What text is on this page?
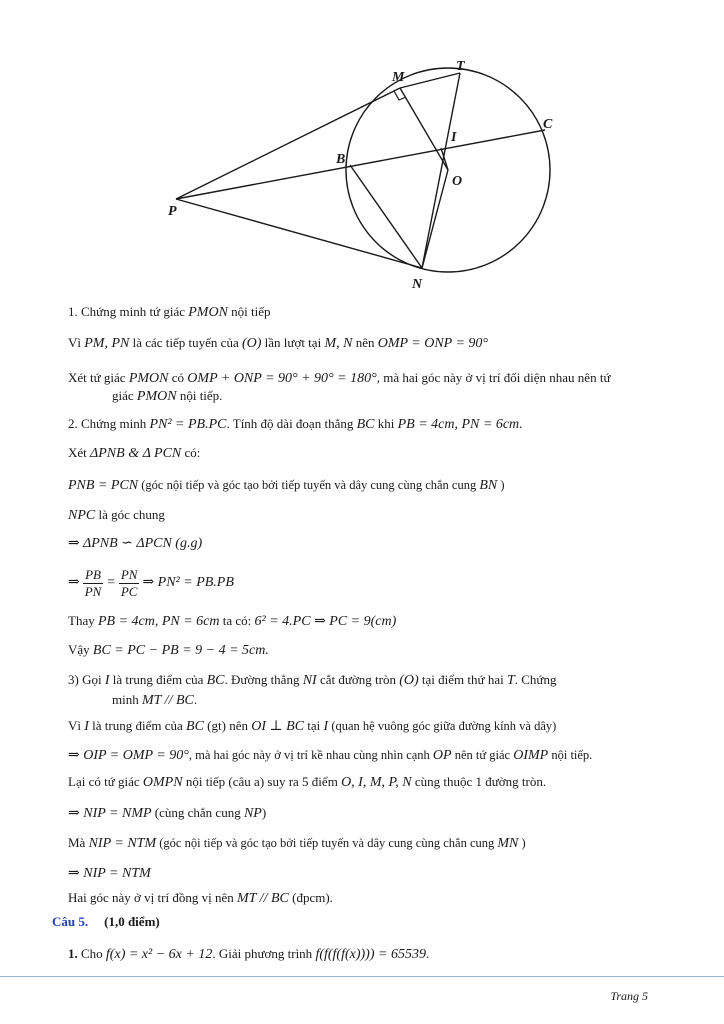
M
T
I
C
B
O
P
N
1. Chứng minh tứ giác PMON nội tiếp
Vì PM, PN là các tiếp tuyến của (O) lần lượt tại M, N nên OMP = ONP = 90°
Xét tứ giác PMON có OMP + ONP = 90° + 90° = 180°, mà hai góc này ở vị trí đối diện nhau nên tứ
giác PMON nội tiếp.
2. Chứng minh PN² = PB.PC. Tính độ dài đoạn thẳng BC khi PB = 4cm, PN = 6cm.
Xét ΔPNB & Δ PCN có:
PNB = PCN (góc nội tiếp và góc tạo bởi tiếp tuyến và dây cung cùng chắn cung BN )
NPC là góc chung
⇒ ΔPNB ∽ ΔPCN (g.g)
⇒ $\frac{PB}{PN} = \frac{PN}{PC}$ ⇒ PN² = PB.PB
Thay PB = 4cm, PN = 6cm ta có: 6² = 4.PC ⇒ PC = 9(cm)
Vậy BC = PC − PB = 9 − 4 = 5cm.
3) Gọi I là trung điểm của BC. Đường thẳng NI cắt đường tròn (O) tại điểm thứ hai T. Chứng
minh MT // BC.
Vì I là trung điểm của BC (gt) nên OI ⊥ BC tại I (quan hệ vuông góc giữa đường kính và dây)
⇒ OIP = OMP = 90°, mà hai góc này ở vị trí kề nhau cùng nhìn cạnh OP nên tứ giác OIMP nội tiếp.
Lại có tứ giác OMPN nội tiếp (câu a) suy ra 5 điểm O, I, M, P, N cùng thuộc 1 đường tròn.
⇒ NIP = NMP (cùng chắn cung NP)
Mà NIP = NTM (góc nội tiếp và góc tạo bởi tiếp tuyến và dây cung cùng chắn cung MN )
⇒ NIP = NTM
Hai góc này ở vị trí đồng vị nên MT // BC (đpcm).
Câu 5. (1,0 điểm)
1. Cho f(x) = x² − 6x + 12. Giải phương trình f(f(f(f(x)))) = 65539.
Trang 5
